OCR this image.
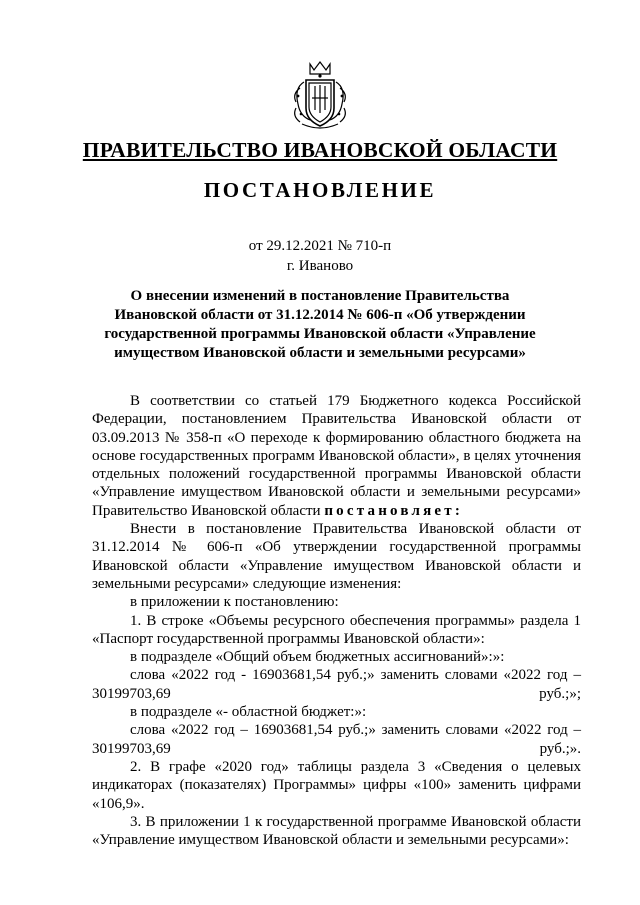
ПРАВИТЕЛЬСТВО ИВАНОВСКОЙ ОБЛАСТИ
ПОСТАНОВЛЕНИЕ
от 29.12.2021 № 710-п
г. Иваново
О внесении изменений в постановление Правительства
Ивановской области от 31.12.2014 № 606-п «Об утверждении
государственной программы Ивановской области «Управление
имуществом Ивановской области и земельными ресурсами»

В соответствии со статьей 179 Бюджетного кодекса Российской Федерации, постановлением Правительства Ивановской области от 03.09.2013 № 358-п «О переходе к формированию областного бюджета на основе государственных программ Ивановской области», в целях уточнения отдельных положений государственной программы Ивановской области «Управление имуществом Ивановской области и земельными ресурсами» Правительство Ивановской области постановляет:

Внести в постановление Правительства Ивановской области от 31.12.2014 № 606-п «Об утверждении государственной программы Ивановской области «Управление имуществом Ивановской области и земельными ресурсами» следующие изменения:

в приложении к постановлению:

1. В строке «Объемы ресурсного обеспечения программы» раздела 1 «Паспорт государственной программы Ивановской области»:

в подразделе «Общий объем бюджетных ассигнований»:»:

слова «2022 год - 16903681,54 руб.;» заменить словами «2022 год – 30199703,69 руб.;»;

в подразделе «- областной бюджет:»:

слова «2022 год – 16903681,54 руб.;» заменить словами «2022 год – 30199703,69 руб.;».

2. В графе «2020 год» таблицы раздела 3 «Сведения о целевых индикаторах (показателях) Программы» цифры «100» заменить цифрами «106,9».

3. В приложении 1 к государственной программе Ивановской области «Управление имуществом Ивановской области и земельными ресурсами»:
